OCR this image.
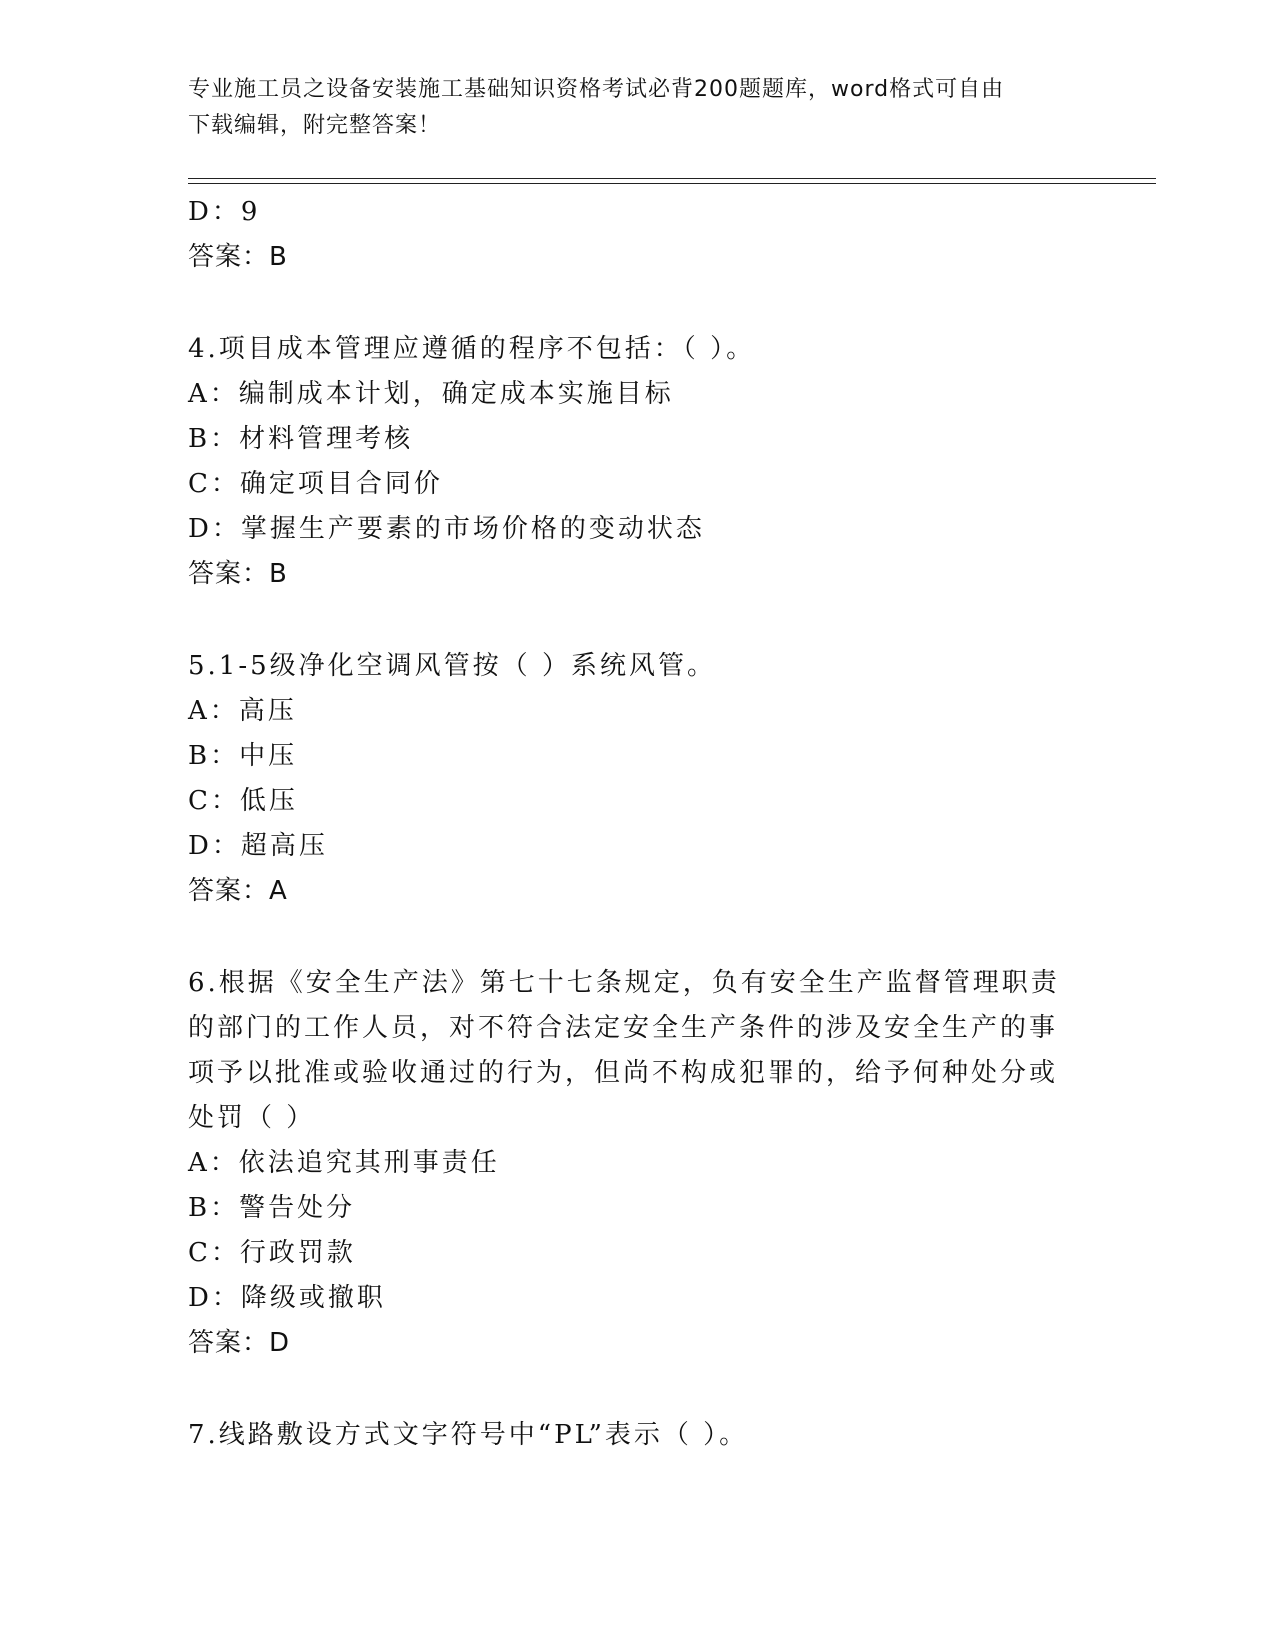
专业施工员之设备安装施工基础知识资格考试必背200题题库，word格式可自由
下载编辑，附完整答案！
D：9
答案：B
4.项目成本管理应遵循的程序不包括：（ ）。
A：编制成本计划，确定成本实施目标
B：材料管理考核
C：确定项目合同价
D：掌握生产要素的市场价格的变动状态
答案：B
5.1-5级净化空调风管按（ ）系统风管。
A：高压
B：中压
C：低压
D：超高压
答案：A
6.根据《安全生产法》第七十七条规定，负有安全生产监督管理职责
的部门的工作人员，对不符合法定安全生产条件的涉及安全生产的事
项予以批准或验收通过的行为，但尚不构成犯罪的，给予何种处分或
处罚（ ）
A：依法追究其刑事责任
B：警告处分
C：行政罚款
D：降级或撤职
答案：D
7.线路敷设方式文字符号中“PL”表示（ ）。
